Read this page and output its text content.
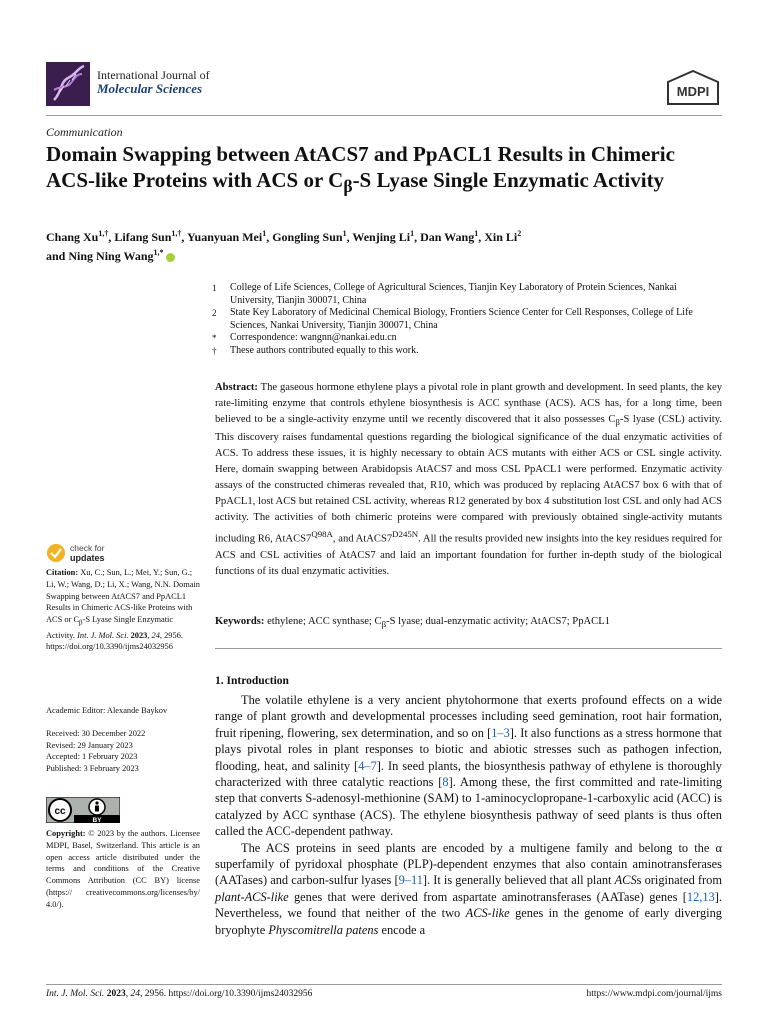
International Journal of
Molecular Sciences	MDPI
Communication
Domain Swapping between AtACS7 and PpACL1 Results in Chimeric ACS-like Proteins with ACS or $C_\beta-S$ Lyase Single Enzymatic Activity
Chang $Xu^{1,\dagger}$, Lifang Sun$^{1,\dagger}$, Yuanyuan Mei$^1$, Gongling Sun$^1$, Wenjing Li$^1$, Dan Wang$^1$, Xin Li$^2$
and Ning Ning Wang$^{1,*}$
1	College of Life Sciences, College of Agricultural Sciences, Tianjin Key Laboratory of Protein Sciences, Nankai University, Tianjin 300071, China
2	State Key Laboratory of Medicinal Chemical Biology, Frontiers Science Center for Cell Responses, College of Life Sciences, Nankai University, Tianjin 300071, China
*	Correspondence: wangnn@nankai.edu.cn
†	These authors contributed equally to this work.
Abstract: The gaseous hormone ethylene plays a pivotal role in plant growth and development. In seed plants, the key rate-limiting enzyme that controls ethylene biosynthesis is ACC synthase (ACS). ACS has, for a long time, been believed to be a single-activity enzyme until we recently discovered that it also possesses $C_\beta-S$ lyase (CSL) activity. This discovery raises fundamental questions regarding the biological significance of the dual enzymatic activities of ACS. To address these issues, it is highly necessary to obtain ACS mutants with either ACS or CSL single activity. Here, domain swapping between Arabidopsis AtACS7 and moss CSL PpACL1 were performed. Enzymatic activity assays of the constructed chimeras revealed that, R10, which was produced by replacing AtACS7 box 6 with that of PpACL1, lost ACS but retained CSL activity, whereas R12 generated by box 4 substitution lost CSL and only had ACS activity. The activities of both chimeric proteins were compared with previously obtained single-activity mutants including R6, $AtACS7^{Q98A}$, and $AtACS7^{D245N}$. All the results provided new insights into the key residues required for ACS and CSL activities of AtACS7 and laid an important foundation for further in-depth study of the biological functions of its dual enzymatic activities.
Keywords: ethylene; ACC synthase; $C_\beta-S$ lyase; dual-enzymatic activity; AtACS7; PpACL1
1. Introduction

The volatile ethylene is a very ancient phytohormone that exerts profound effects on a wide range of plant growth and developmental processes including seed gemination, root hair formation, fruit ripening, flowering, sex determination, and so on [1–3]. It also functions as a stress hormone that plays pivotal roles in plant responses to biotic and abiotic stresses such as pathogen infection, flooding, heat, and salinity [4–7]. In seed plants, the biosynthesis pathway of ethylene is thoroughly characterized with three catalytic reactions [8]. Among these, the first committed and rate-limiting step that converts S-adenosyl-methionine (SAM) to 1-aminocyclopropane-1-carboxylic acid (ACC) is catalyzed by ACC synthase (ACS). The ethylene biosynthesis pathway of seed plants is thus often called the ACC-dependent pathway.

The ACS proteins in seed plants are encoded by a multigene family and belong to the α superfamily of pyridoxal phosphate (PLP)-dependent enzymes that also contain aminotransferases (AATases) and carbon-sulfur lyases [9–11]. It is generally believed that all plant ACSs originated from plant-ACS-like genes that were derived from aspartate aminotransferases (AATase) genes [12,13]. Nevertheless, we found that neither of the two ACS-like genes in the genome of early diverging bryophyte Physcomitrella patens encode a

check for
updates
Citation: Xu, C.; Sun, L.; Mei, Y.; Sun, G.; Li, W.; Wang, D.; Li, X.; Wang, N.N. Domain Swapping between AtACS7 and PpACL1 Results in Chimeric ACS-like Proteins with ACS or $C_\beta-S$ Lyase Single Enzymatic Activity. Int. J. Mol. Sci. 2023, 24, 2956. https://doi.org/10.3390/ijms24032956
Academic Editor: Alexande Baykov
Received: 30 December 2022
Revised: 29 January 2023
Accepted: 1 February 2023
Published: 3 February 2023
cc
BY
Copyright: © 2023 by the authors. Licensee MDPI, Basel, Switzerland. This article is an open access article distributed under the terms and conditions of the Creative Commons Attribution (CC BY) license (https:// creativecommons.org/licenses/by/ 4.0/).
Int. J. Mol. Sci. 2023, 24, 2956. https://doi.org/10.3390/ijms24032956	https://www.mdpi.com/journal/ijms
